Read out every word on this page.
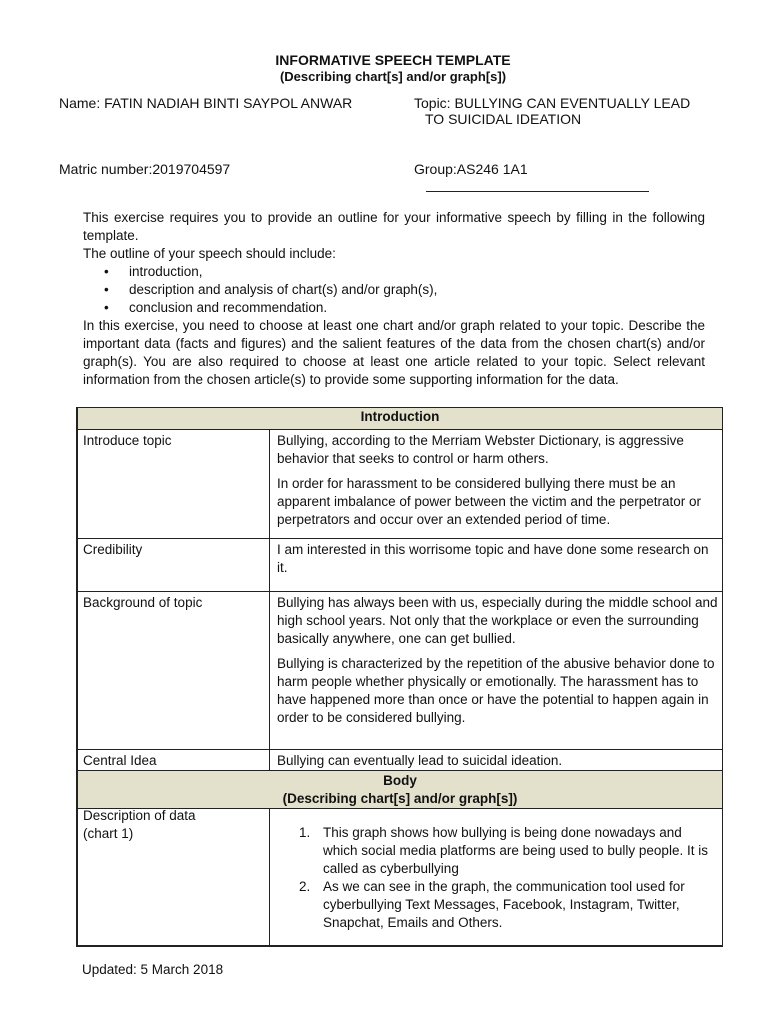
INFORMATIVE SPEECH TEMPLATE
(Describing chart[s] and/or graph[s])
Name: FATIN NADIAH BINTI SAYPOL ANWAR	Topic: BULLYING CAN EVENTUALLY LEAD
TO SUICIDAL IDEATION
Matric number:2019704597	Group:AS246 1A1

This exercise requires you to provide an outline for your informative speech by filling in the following template.

The outline of your speech should include:

• introduction,
• description and analysis of chart(s) and/or graph(s),
• conclusion and recommendation.

In this exercise, you need to choose at least one chart and/or graph related to your topic. Describe the important data (facts and figures) and the salient features of the data from the chosen chart(s) and/or graph(s). You are also required to choose at least one article related to your topic. Select relevant information from the chosen article(s) to provide some supporting information for the data.

Introduction
Introduce topic	Bullying, according to the Merriam Webster Dictionary, is aggressive behavior that seeks to control or harm others.

In order for harassment to be considered bullying there must be an apparent imbalance of power between the victim and the perpetrator or perpetrators and occur over an extended period of time.

Credibility	I am interested in this worrisome topic and have done some research on it.

Background of topic	Bullying has always been with us, especially during the middle school and high school years. Not only that the workplace or even the surrounding basically anywhere, one can get bullied.

Bullying is characterized by the repetition of the abusive behavior done to harm people whether physically or emotionally. The harassment has to have happened more than once or have the potential to happen again in order to be considered bullying.

Central Idea	Bullying can eventually lead to suicidal ideation.

Body
(Describing chart[s] and/or graph[s])
Description of data
(chart 1)	1. This graph shows how bullying is being done nowadays and which social media platforms are being used to bully people. It is called as cyberbullying
2. As we can see in the graph, the communication tool used for cyberbullying Text Messages, Facebook, Instagram, Twitter, Snapchat, Emails and Others.
Updated: 5 March 2018
